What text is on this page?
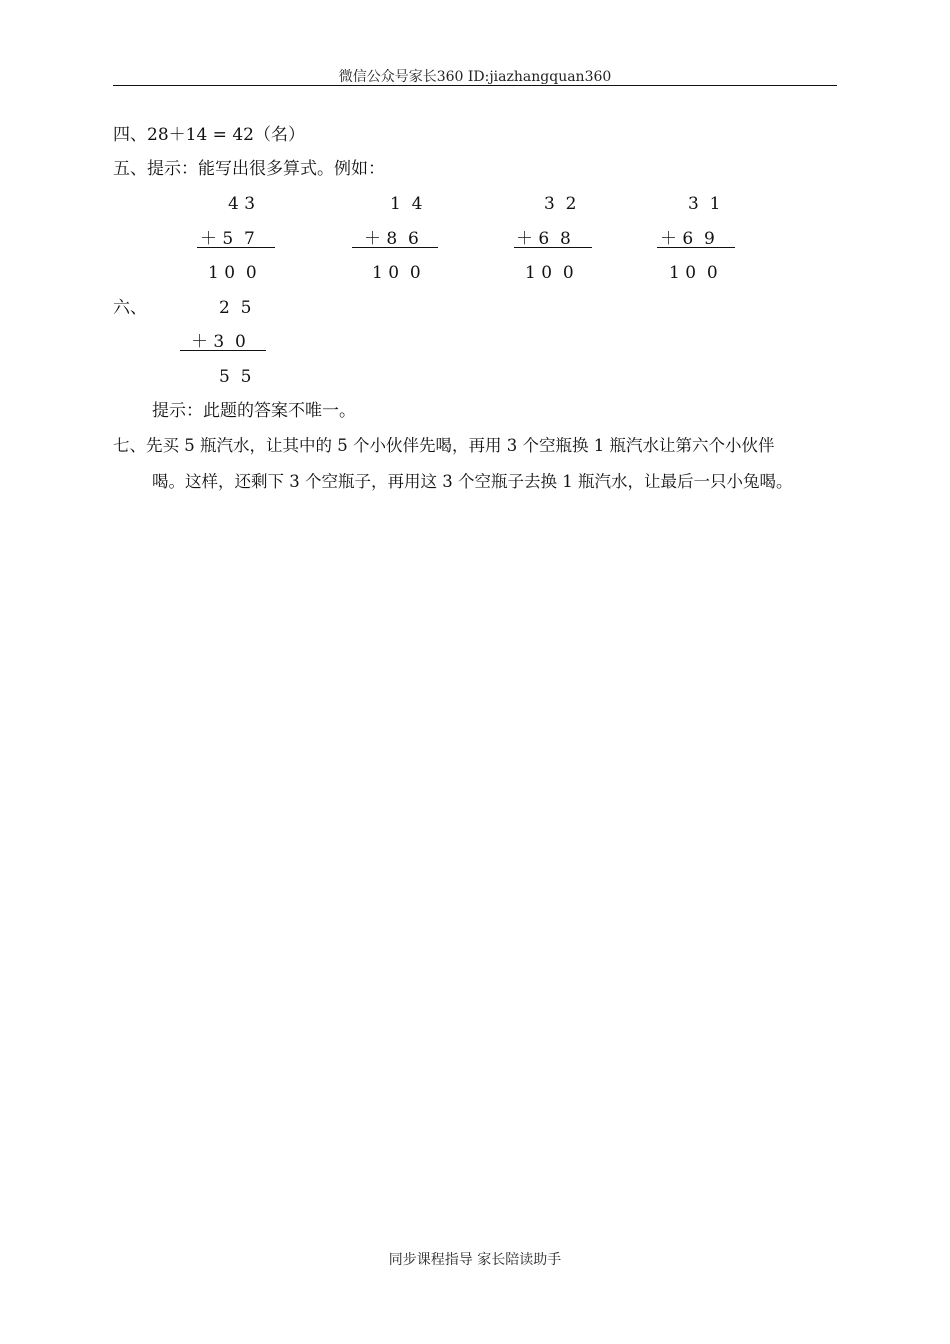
微信公众号家长360 ID:jiazhangquan360
四、28＋14 = 42（名）
五、提示：能写出很多算式。例如：
4 3
＋ 5  7
1 0  0
1  4
＋ 8  6
1 0  0
3  2
＋ 6  8
1 0  0
3  1
＋ 6  9
1 0  0
六、	2  5
＋ 3  0
5  5
提示：此题的答案不唯一。
七、先买 5 瓶汽水，让其中的 5 个小伙伴先喝，再用 3 个空瓶换 1 瓶汽水让第六个小伙伴
喝。这样，还剩下 3 个空瓶子，再用这 3 个空瓶子去换 1 瓶汽水，让最后一只小兔喝。
同步课程指导 家长陪读助手
